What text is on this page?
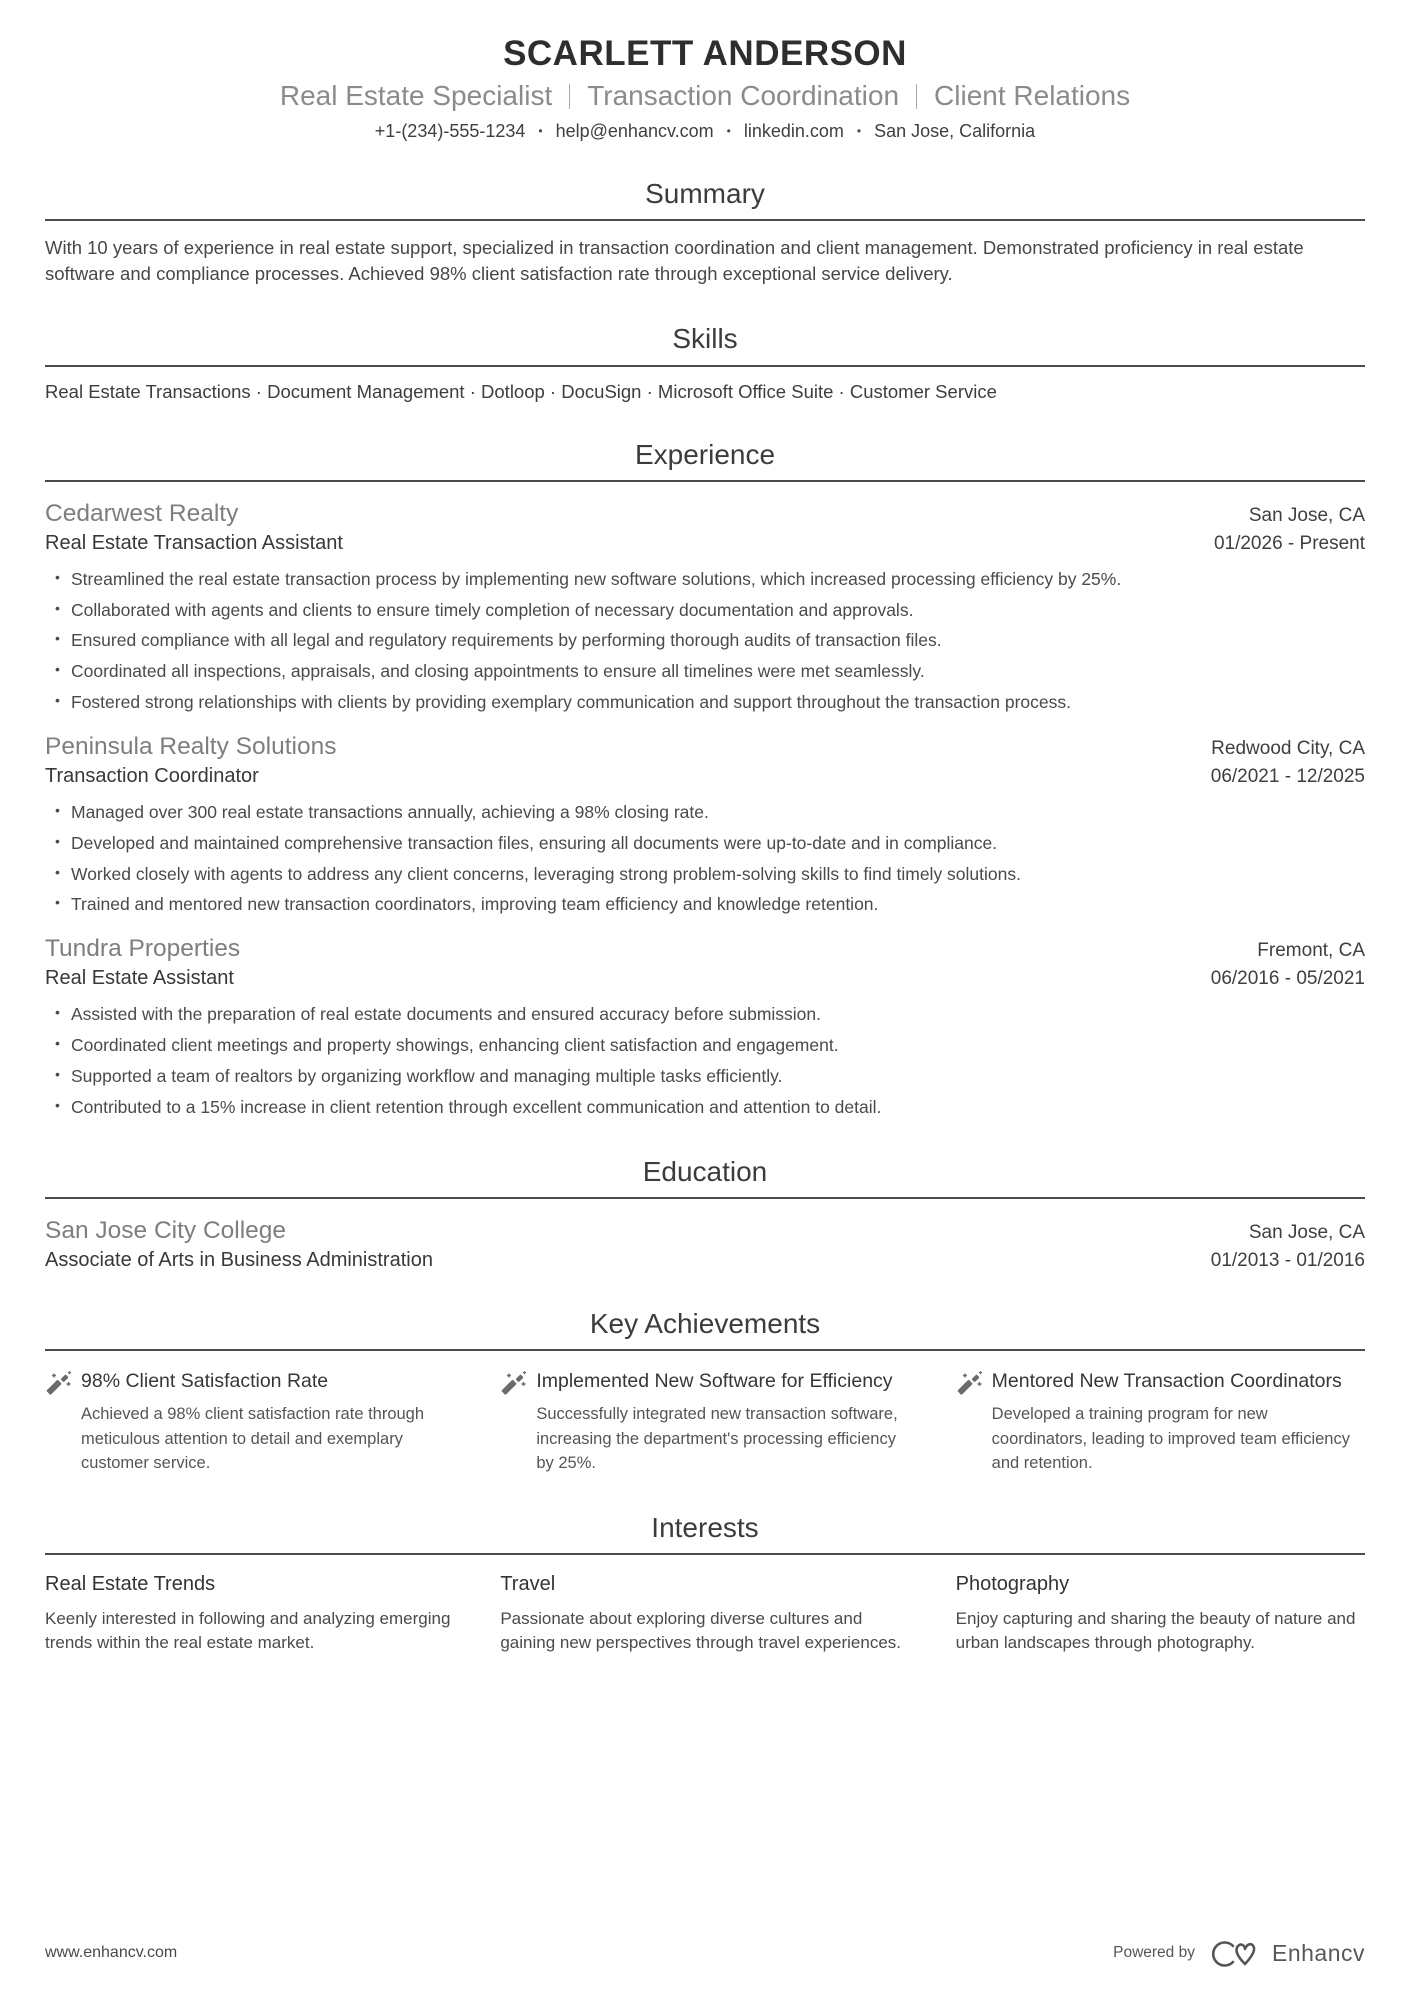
SCARLETT ANDERSON
Real Estate Specialist Transaction Coordination Client Relations
+1-(234)-555-1234 • help@enhancv.com • linkedin.com • San Jose, California
Summary

With 10 years of experience in real estate support, specialized in transaction coordination and client management. Demonstrated proficiency in real estate software and compliance processes. Achieved 98% client satisfaction rate through exceptional service delivery.

Skills
Real Estate Transactions · Document Management · Dotloop · DocuSign · Microsoft Office Suite · Customer Service
Experience
Cedarwest Realty	San Jose, CA
Real Estate Transaction Assistant	01/2026 - Present
• Streamlined the real estate transaction process by implementing new software solutions, which increased processing efficiency by 25%.
• Collaborated with agents and clients to ensure timely completion of necessary documentation and approvals.
• Ensured compliance with all legal and regulatory requirements by performing thorough audits of transaction files.
• Coordinated all inspections, appraisals, and closing appointments to ensure all timelines were met seamlessly.
• Fostered strong relationships with clients by providing exemplary communication and support throughout the transaction process.
Peninsula Realty Solutions	Redwood City, CA
Transaction Coordinator	06/2021 - 12/2025
• Managed over 300 real estate transactions annually, achieving a 98% closing rate.
• Developed and maintained comprehensive transaction files, ensuring all documents were up-to-date and in compliance.
• Worked closely with agents to address any client concerns, leveraging strong problem-solving skills to find timely solutions.
• Trained and mentored new transaction coordinators, improving team efficiency and knowledge retention.
Tundra Properties	Fremont, CA
Real Estate Assistant	06/2016 - 05/2021
• Assisted with the preparation of real estate documents and ensured accuracy before submission.
• Coordinated client meetings and property showings, enhancing client satisfaction and engagement.
• Supported a team of realtors by organizing workflow and managing multiple tasks efficiently.
• Contributed to a 15% increase in client retention through excellent communication and attention to detail.
Education
San Jose City College	San Jose, CA
Associate of Arts in Business Administration	01/2013 - 01/2016
Key Achievements
98% Client Satisfaction Rate
Achieved a 98% client satisfaction rate through meticulous attention to detail and exemplary customer service.
Implemented New Software for Efficiency
Successfully integrated new transaction software, increasing the department's processing efficiency by 25%.
Mentored New Transaction Coordinators
Developed a training program for new coordinators, leading to improved team efficiency and retention.
Interests
Real Estate Trends
Keenly interested in following and analyzing emerging trends within the real estate market.
Travel
Passionate about exploring diverse cultures and gaining new perspectives through travel experiences.
Photography
Enjoy capturing and sharing the beauty of nature and urban landscapes through photography.
www.enhancv.com	Powered by	Enhancv
